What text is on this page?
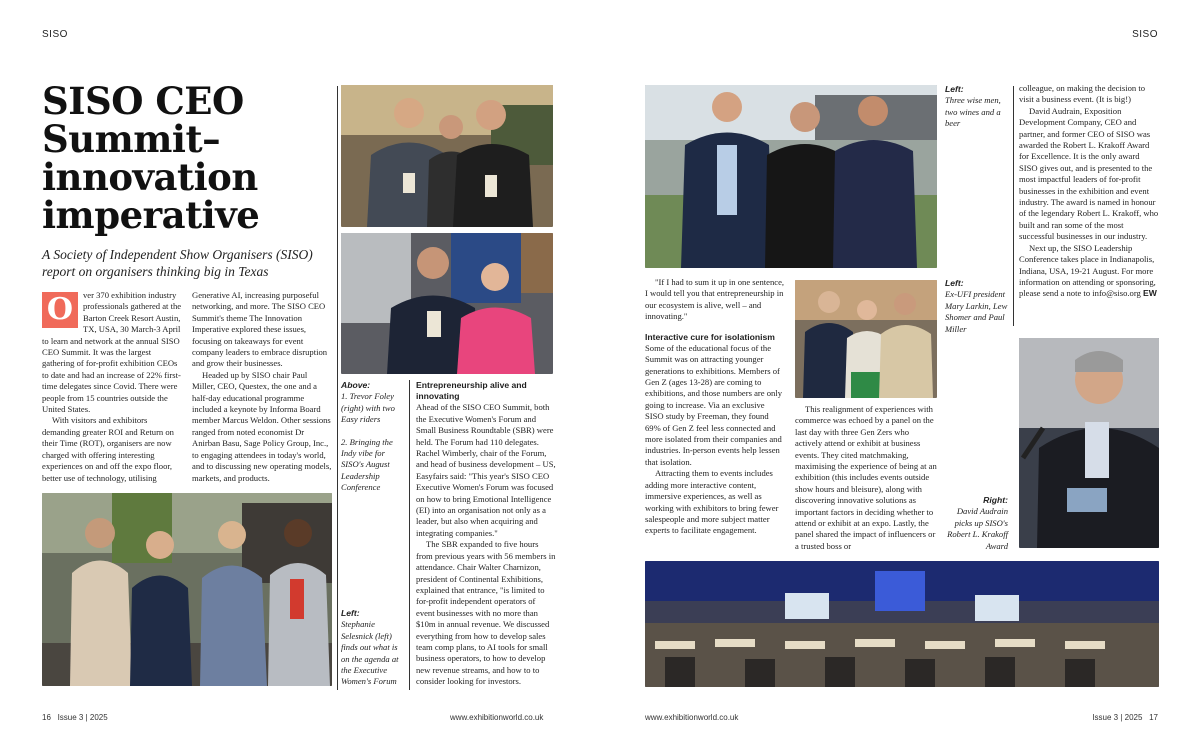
SISO	SISO
SISO CEO Summit– innovation imperative
A Society of Independent Show Organisers (SISO) report on organisers thinking big in Texas
O	ver 370 exhibition industry professionals gathered at the Barton Creek Resort Austin, TX, USA, 30 March-3 April to learn and network at the annual SISO CEO Summit. It was the largest gathering of for-profit exhibition CEOs to date and had an increase of 22% first-time delegates since Covid. There were people from 15 countries outside the United States.

With visitors and exhibitors demanding greater ROI and Return on their Time (ROT), organisers are now charged with offering interesting experiences on and off the expo floor, better use of technology, utilising

Generative AI, increasing purposeful networking, and more. The SISO CEO Summit's theme The Innovation Imperative explored these issues, focusing on takeaways for event company leaders to embrace disruption and grow their businesses.

Headed up by SISO chair Paul Miller, CEO, Questex, the one and a half-day educational programme included a keynote by Informa Board member Marcus Weldon. Other sessions ranged from noted economist Dr Anirban Basu, Sage Policy Group, Inc., to engaging attendees in today's world, and to discussing new operating models, markets, and products.

Above:
1. Trevor Foley (right) with two Easy riders
2. Bringing the Indy vibe for SISO's August Leadership Conference
Left:
Stephanie Selesnick (left) finds out what is on the agenda at the Executive Women's Forum
Entrepreneurship alive and innovating

Ahead of the SISO CEO Summit, both the Executive Women's Forum and Small Business Roundtable (SBR) were held. The Forum had 110 delegates. Rachel Wimberly, chair of the Forum, and head of business development – US, Easyfairs said: "This year's SISO CEO Executive Women's Forum was focused on how to bring Emotional Intelligence (EI) into an organisation not only as a leader, but also when acquiring and integrating companies."

The SBR expanded to five hours from previous years with 56 members in attendance. Chair Walter Charnizon, president of Continental Exhibitions, explained that entrance, "is limited to for-profit independent operators of event businesses with no more than $10m in annual revenue. We discussed everything from how to develop sales team comp plans, to AI tools for small business operators, to how to develop new revenue streams, and how to to consider looking for investors.

Left:
Three wise men, two wines and a beer
Left:
Ex-UFI president Mary Larkin, Lew Shomer and Paul Miller
Right:
David Audrain picks up SISO's Robert L. Krakoff Award

"If I had to sum it up in one sentence, I would tell you that entrepreneurship in our ecosystem is alive, well – and innovating."

Interactive cure for isolationism

Some of the educational focus of the Summit was on attracting younger generations to exhibitions. Members of Gen Z (ages 13-28) are coming to exhibitions, and those numbers are only going to increase. Via an exclusive SISO study by Freeman, they found 69% of Gen Z feel less connected and more isolated from their companies and industries. In-person events help lessen that isolation.

Attracting them to events includes adding more interactive content, immersive experiences, as well as working with exhibitors to bring fewer salespeople and more subject matter experts to facilitate engagement.

This realignment of experiences with commerce was echoed by a panel on the last day with three Gen Zers who actively attend or exhibit at business events. They cited matchmaking, maximising the experience of being at an exhibition (this includes events outside show hours and bleisure), along with discovering innovative solutions as important factors in deciding whether to attend or exhibit at an expo. Lastly, the panel shared the impact of influencers or a trusted boss or

colleague, on making the decision to visit a business event. (It is big!)

David Audrain, Exposition Development Company, CEO and partner, and former CEO of SISO was awarded the Robert L. Krakoff Award for Excellence. It is the only award SISO gives out, and is presented to the most impactful leaders of for-profit businesses in the exhibition and event industry. The award is named in honour of the legendary Robert L. Krakoff, who built and ran some of the most successful businesses in our industry.

Next up, the SISO Leadership Conference takes place in Indianapolis, Indiana, USA, 19-21 August. For more information on attending or sponsoring, please send a note to info@siso.org EW

16 Issue 3 | 2025	www.exhibitionworld.co.uk	www.exhibitionworld.co.uk	Issue 3 | 2025 17
